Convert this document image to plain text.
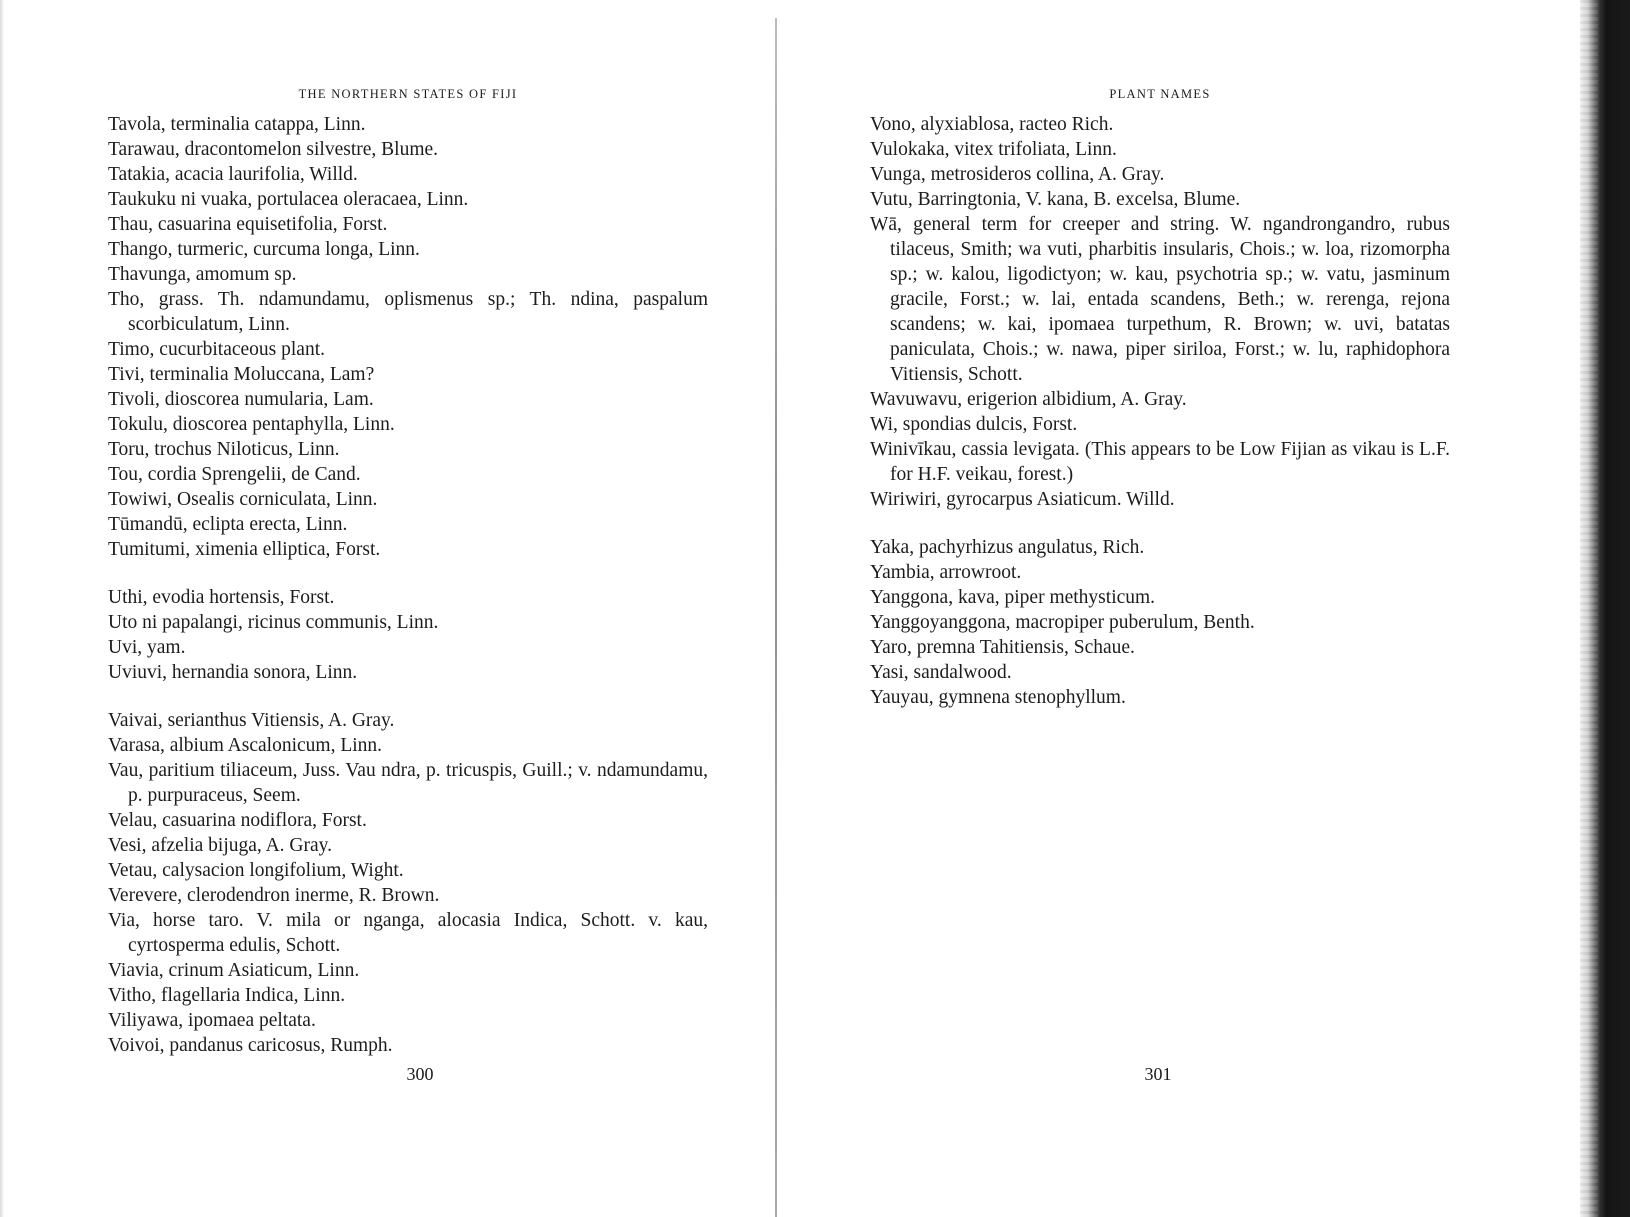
THE NORTHERN STATES OF FIJI

Tavola, terminalia catappa, Linn.

Tarawau, dracontomelon silvestre, Blume.

Tatakia, acacia laurifolia, Willd.

Taukuku ni vuaka, portulacea oleracaea, Linn.

Thau, casuarina equisetifolia, Forst.

Thango, turmeric, curcuma longa, Linn.

Thavunga, amomum sp.

Tho, grass. Th. ndamundamu, oplismenus sp.; Th. ndina, paspalum scorbiculatum, Linn.

Timo, cucurbitaceous plant.

Tivi, terminalia Moluccana, Lam?

Tivoli, dioscorea numularia, Lam.

Tokulu, dioscorea pentaphylla, Linn.

Toru, trochus Niloticus, Linn.

Tou, cordia Sprengelii, de Cand.

Towiwi, Osealis corniculata, Linn.

Tūmandū, eclipta erecta, Linn.

Tumitumi, ximenia elliptica, Forst.

Uthi, evodia hortensis, Forst.

Uto ni papalangi, ricinus communis, Linn.

Uvi, yam.

Uviuvi, hernandia sonora, Linn.

Vaivai, serianthus Vitiensis, A. Gray.

Varasa, albium Ascalonicum, Linn.

Vau, paritium tiliaceum, Juss. Vau ndra, p. tricuspis, Guill.; v. ndamundamu, p. purpuraceus, Seem.

Velau, casuarina nodiflora, Forst.

Vesi, afzelia bijuga, A. Gray.

Vetau, calysacion longifolium, Wight.

Verevere, clerodendron inerme, R. Brown.

Via, horse taro. V. mila or nganga, alocasia Indica, Schott. v. kau, cyrtosperma edulis, Schott.

Viavia, crinum Asiaticum, Linn.

Vitho, flagellaria Indica, Linn.

Viliyawa, ipomaea peltata.

Voivoi, pandanus caricosus, Rumph.

300
PLANT NAMES

Vono, alyxiablosa, racteo Rich.

Vulokaka, vitex trifoliata, Linn.

Vunga, metrosideros collina, A. Gray.

Vutu, Barringtonia, V. kana, B. excelsa, Blume.

Wā, general term for creeper and string. W. ngandrongandro, rubus tilaceus, Smith; wa vuti, pharbitis insularis, Chois.; w. loa, rizomorpha sp.; w. kalou, ligodictyon; w. kau, psychotria sp.; w. vatu, jasminum gracile, Forst.; w. lai, entada scandens, Beth.; w. rerenga, rejona scandens; w. kai, ipomaea turpethum, R. Brown; w. uvi, batatas paniculata, Chois.; w. nawa, piper siriloa, Forst.; w. lu, raphidophora Vitiensis, Schott.

Wavuwavu, erigerion albidium, A. Gray.

Wi, spondias dulcis, Forst.

Winivīkau, cassia levigata. (This appears to be Low Fijian as vikau is L.F. for H.F. veikau, forest.)

Wiriwiri, gyrocarpus Asiaticum. Willd.

Yaka, pachyrhizus angulatus, Rich.

Yambia, arrowroot.

Yanggona, kava, piper methysticum.

Yanggoyanggona, macropiper puberulum, Benth.

Yaro, premna Tahitiensis, Schaue.

Yasi, sandalwood.

Yauyau, gymnena stenophyllum.

301
